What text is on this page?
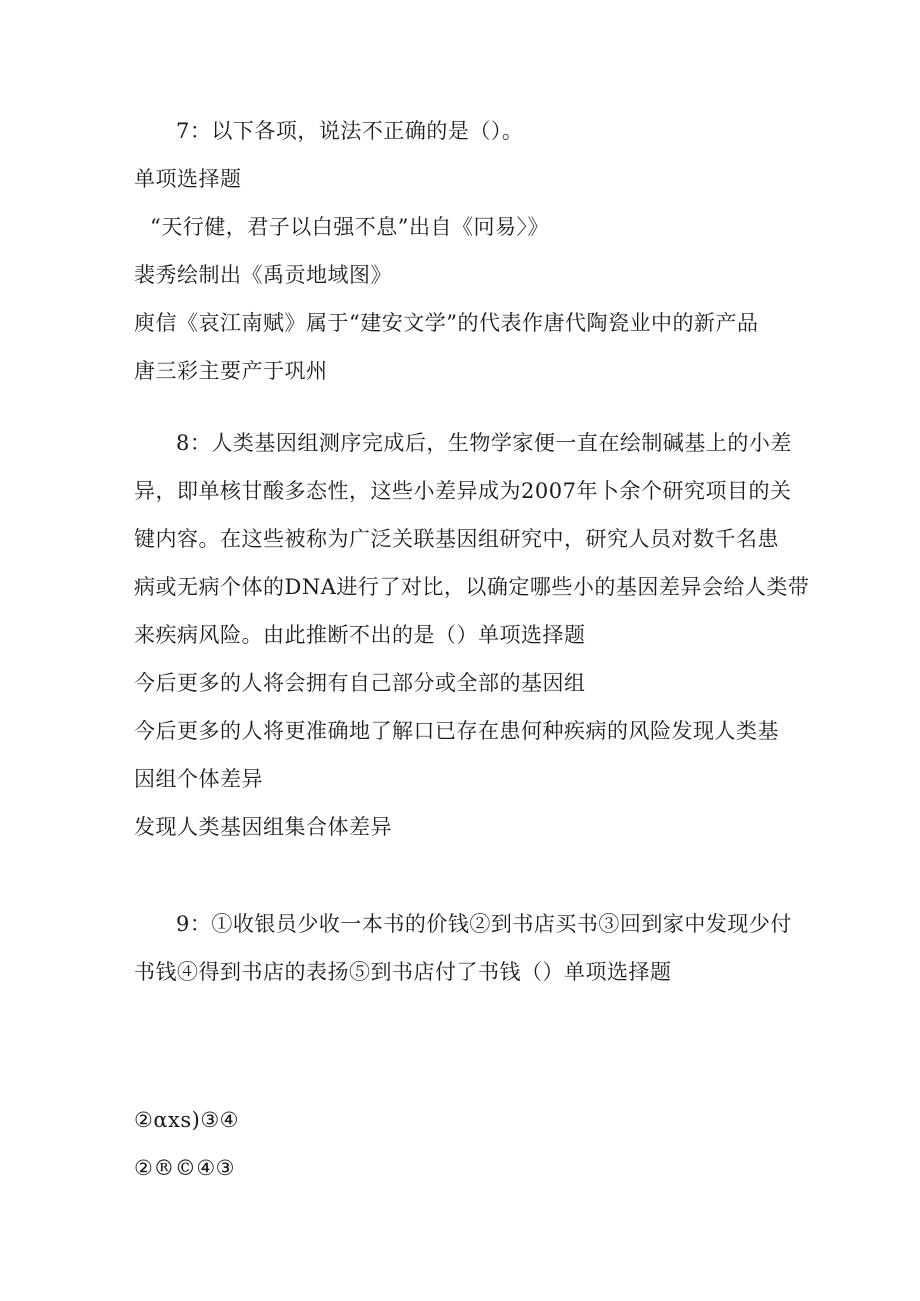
7：以下各项，说法不正确的是（）。
单项选择题
“天行健，君子以白强不息”出自《冋易〉》
裴秀绘制出《禹贡地域图》
庾信《哀江南赋》属于“建安文学”的代表作唐代陶瓷业中的新产品
唐三彩主要产于巩州
8：人类基因组测序完成后，生物学家便一直在绘制碱基上的小差
异，即单核甘酸多态性，这些小差异成为2007年卜余个研究项目的关
键内容。在这些被称为广泛关联基因组研究中，研究人员对数千名患
病或无病个体的DNA进行了对比，以确定哪些小的基因差异会给人类带
来疾病风险。由此推断不出的是（）单项选择题
今后更多的人将会拥有自己部分或全部的基因组
今后更多的人将更准确地了解口已存在患何种疾病的风险发现人类基
因组个体差异
发现人类基因组集合体差异
9：①收银员少收一本书的价钱②到书店买书③回到家中发现少付
书钱④得到书店的表扬⑤到书店付了书钱（）单项选择题
②αxs)③④
②®©④③
